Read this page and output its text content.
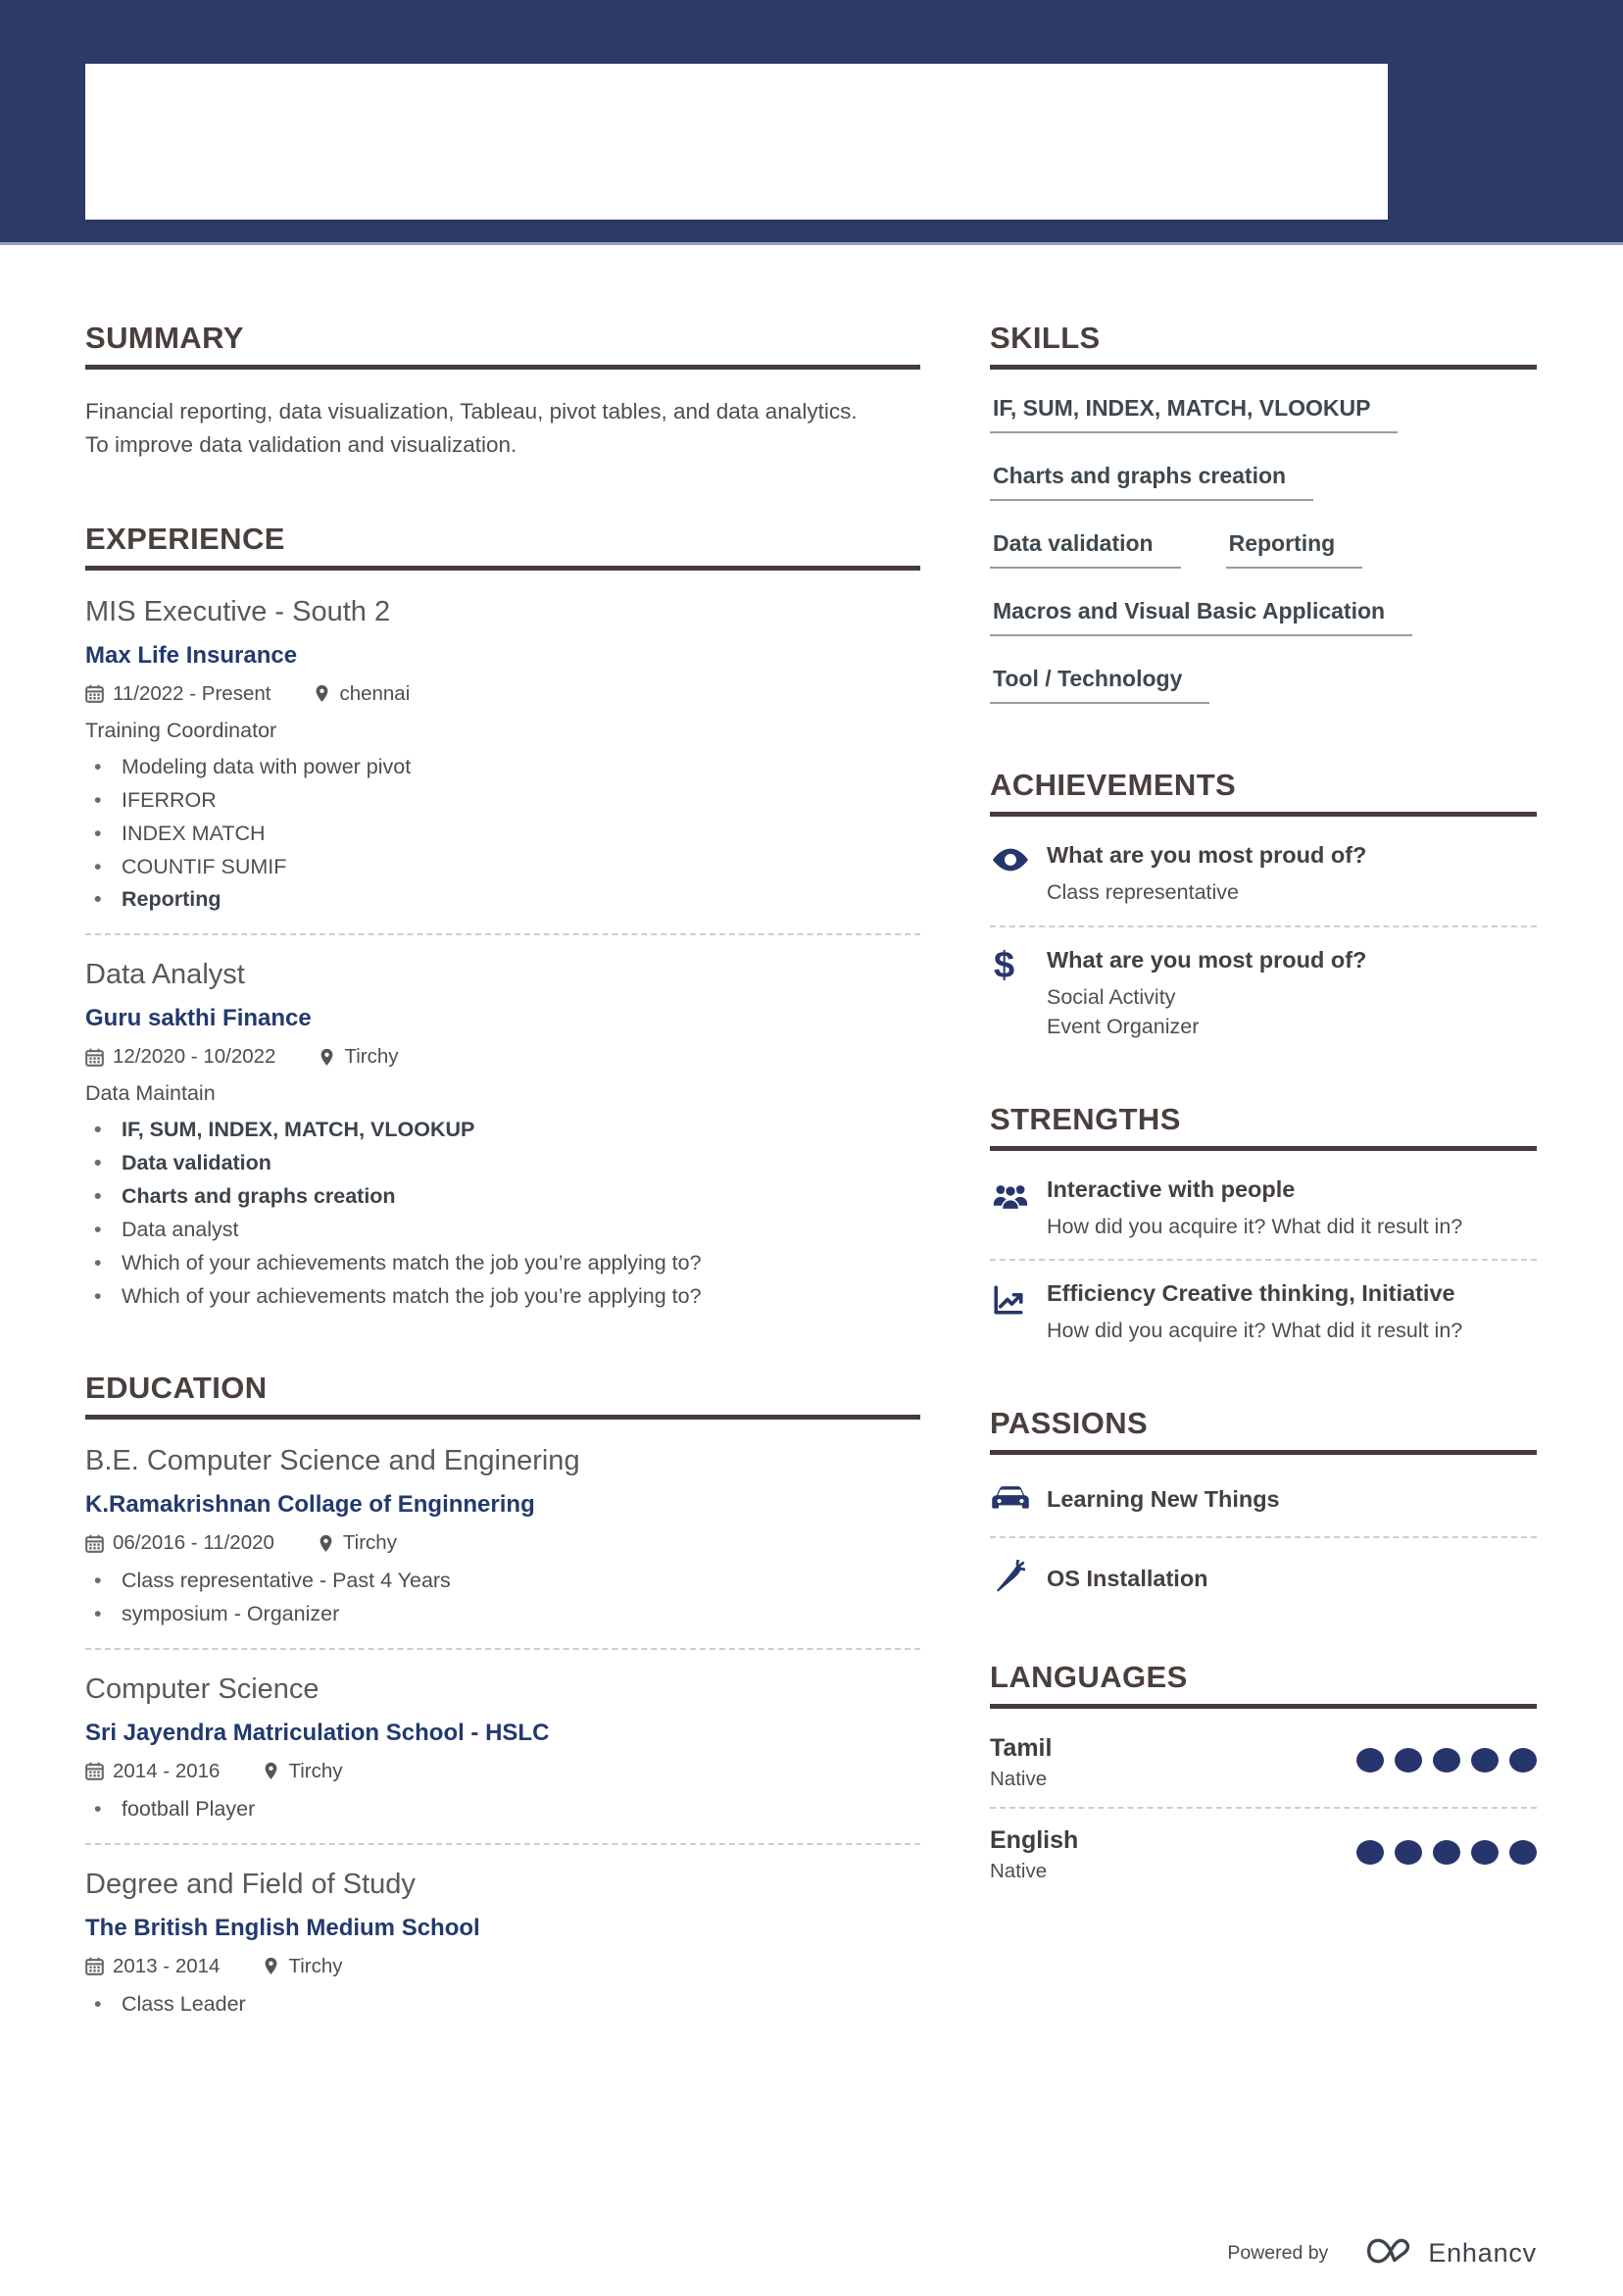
SUMMARY

Financial reporting, data visualization, Tableau, pivot tables, and data analytics. To improve data validation and visualization.

EXPERIENCE
MIS Executive - South 2
Max Life Insurance
11/2022 - Present	chennai
Training Coordinator
• Modeling data with power pivot
• IFERROR
• INDEX MATCH
• COUNTIF SUMIF
• Reporting
Data Analyst
Guru sakthi Finance
12/2020 - 10/2022	Tirchy
Data Maintain
• IF, SUM, INDEX, MATCH, VLOOKUP
• Data validation
• Charts and graphs creation
• Data analyst
• Which of your achievements match the job you’re applying to?
• Which of your achievements match the job you’re applying to?
EDUCATION
B.E. Computer Science and Enginering
K.Ramakrishnan Collage of Enginnering
06/2016 - 11/2020	Tirchy
• Class representative - Past 4 Years
• symposium - Organizer
Computer Science
Sri Jayendra Matriculation School - HSLC
2014 - 2016	Tirchy
• football Player
Degree and Field of Study
The British English Medium School
2013 - 2014	Tirchy
• Class Leader
SKILLS
IF, SUM, INDEX, MATCH, VLOOKUP
Charts and graphs creation
Data validation	Reporting
Macros and Visual Basic Application
Tool / Technology
ACHIEVEMENTS
What are you most proud of?
Class representative
$	What are you most proud of?
Social Activity
Event Organizer
STRENGTHS
Interactive with people
How did you acquire it? What did it result in?
Efficiency Creative thinking, Initiative
How did you acquire it? What did it result in?
PASSIONS
Learning New Things
OS Installation
LANGUAGES
Tamil
Native
English
Native
Powered by	Enhancv
